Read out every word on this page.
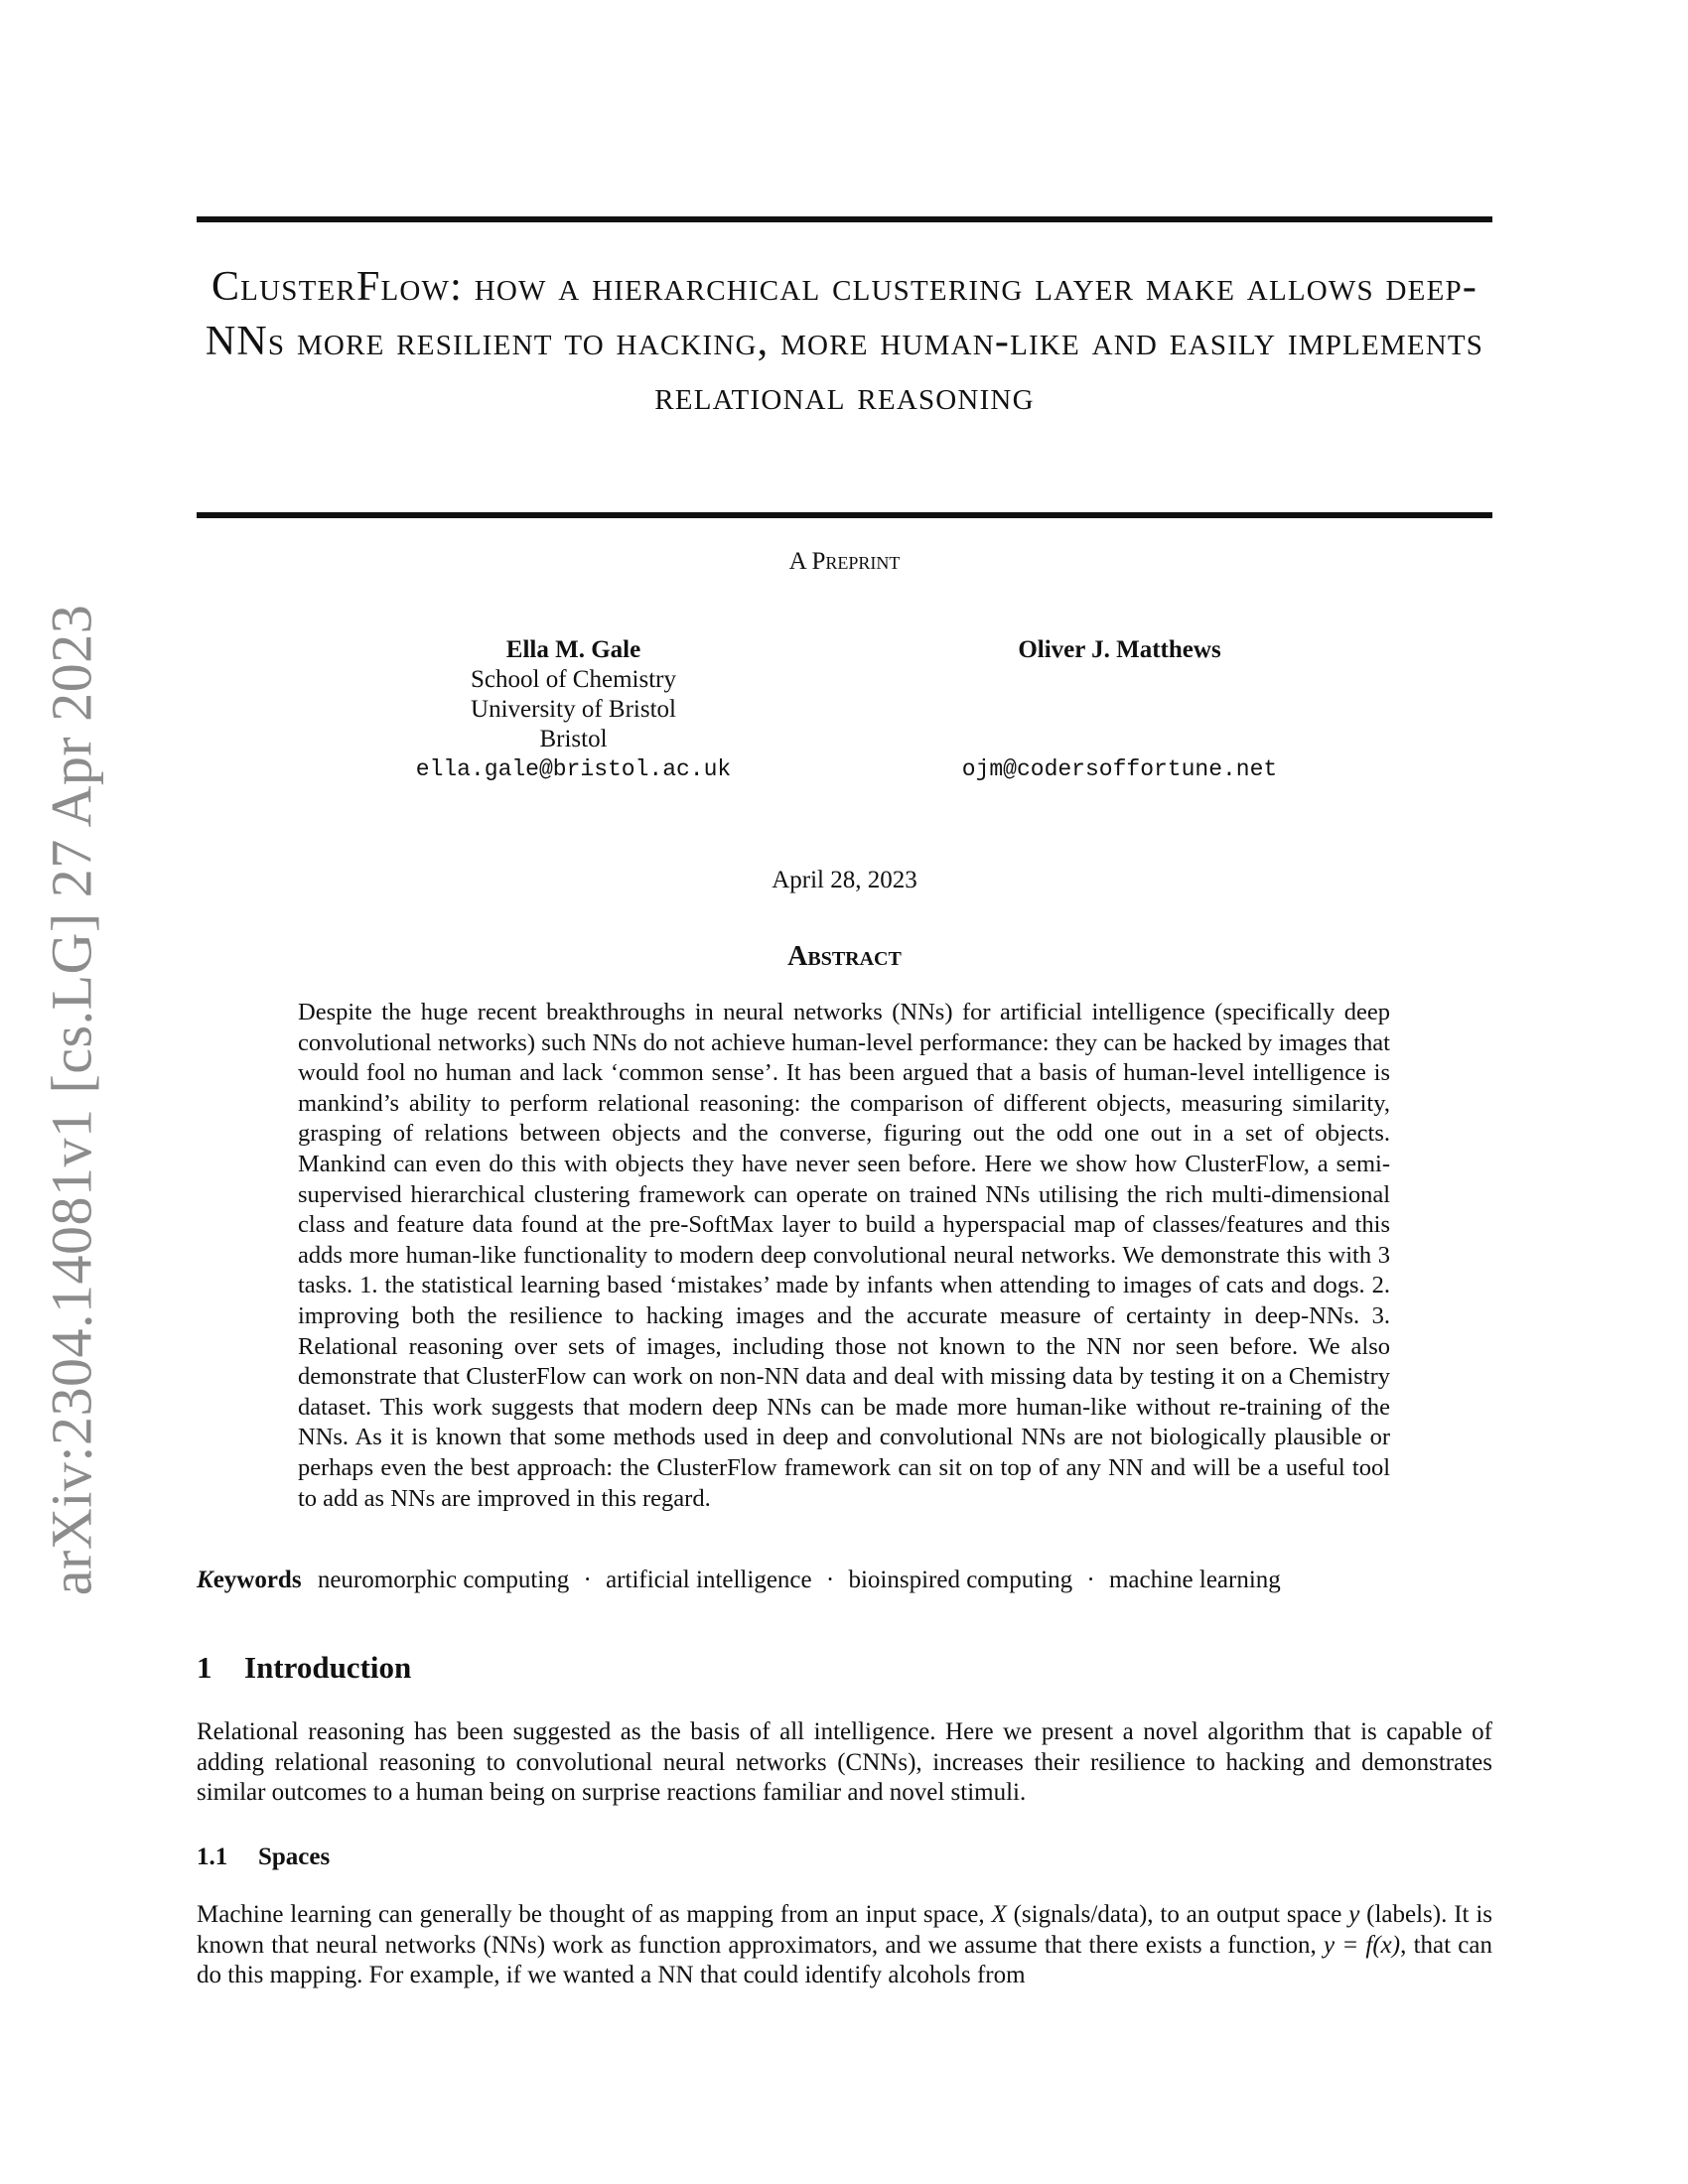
arXiv:2304.14081v1 [cs.LG] 27 Apr 2023
ClusterFlow: how a hierarchical clustering layer make allows deep-NNs more resilient to hacking, more human-like and easily implements relational reasoning
A Preprint
Ella M. Gale
School of Chemistry
University of Bristol
Bristol
ella.gale@bristol.ac.uk
Oliver J. Matthews
ojm@codersoffortune.net
April 28, 2023
Abstract

Despite the huge recent breakthroughs in neural networks (NNs) for artificial intelligence (specifically deep convolutional networks) such NNs do not achieve human-level performance: they can be hacked by images that would fool no human and lack ‘common sense’. It has been argued that a basis of human-level intelligence is mankind’s ability to perform relational reasoning: the comparison of different objects, measuring similarity, grasping of relations between objects and the converse, figuring out the odd one out in a set of objects. Mankind can even do this with objects they have never seen before. Here we show how ClusterFlow, a semi-supervised hierarchical clustering framework can operate on trained NNs utilising the rich multi-dimensional class and feature data found at the pre-SoftMax layer to build a hyperspacial map of classes/features and this adds more human-like functionality to modern deep convolutional neural networks. We demonstrate this with 3 tasks. 1. the statistical learning based ‘mistakes’ made by infants when attending to images of cats and dogs. 2. improving both the resilience to hacking images and the accurate measure of certainty in deep-NNs. 3. Relational reasoning over sets of images, including those not known to the NN nor seen before. We also demonstrate that ClusterFlow can work on non-NN data and deal with missing data by testing it on a Chemistry dataset. This work suggests that modern deep NNs can be made more human-like without re-training of the NNs. As it is known that some methods used in deep and convolutional NNs are not biologically plausible or perhaps even the best approach: the ClusterFlow framework can sit on top of any NN and will be a useful tool to add as NNs are improved in this regard.

Keywords neuromorphic computing · artificial intelligence · bioinspired computing · machine learning
1 Introduction

Relational reasoning has been suggested as the basis of all intelligence. Here we present a novel algorithm that is capable of adding relational reasoning to convolutional neural networks (CNNs), increases their resilience to hacking and demonstrates similar outcomes to a human being on surprise reactions familiar and novel stimuli.

1.1 Spaces

Machine learning can generally be thought of as mapping from an input space, X (signals/data), to an output space y (labels). It is known that neural networks (NNs) work as function approximators, and we assume that there exists a function, y = f(x), that can do this mapping. For example, if we wanted a NN that could identify alcohols from
